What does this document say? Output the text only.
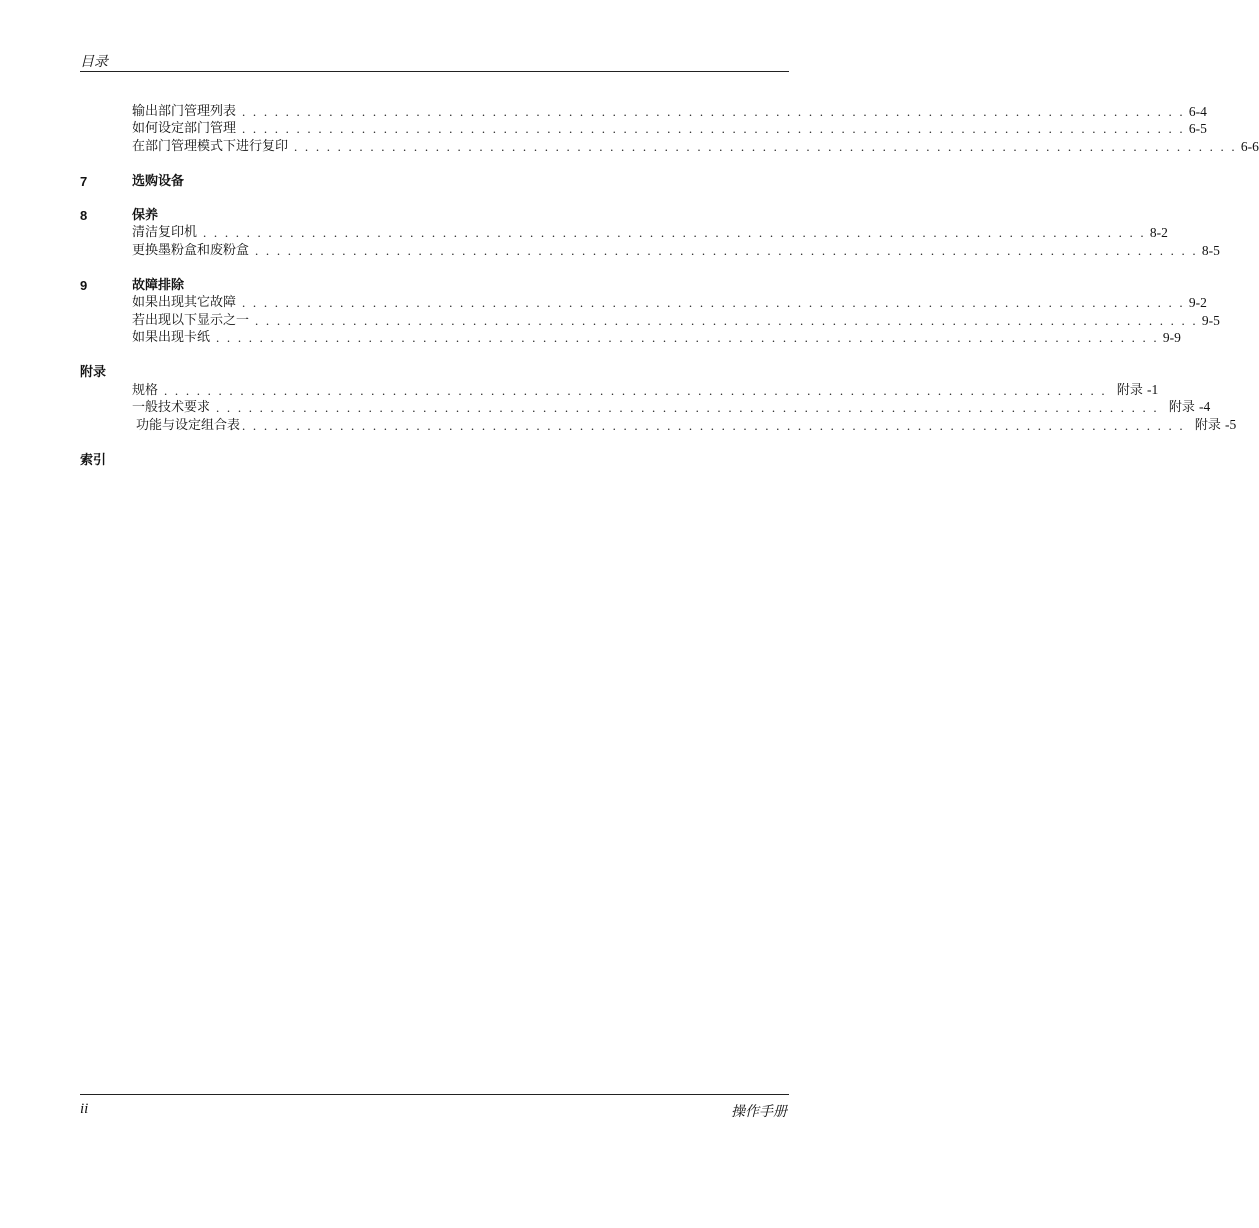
目录
输出部门管理列表 . . . . . . . . . . . . . . . . . . . . . . . . . . . . . . . . . . . . . . . . . . . . . . . . . . . . . . . . . . . . . . . . . . . . . . . . . . . . . . . . . . . . . . . 6-4
如何设定部门管理 . . . . . . . . . . . . . . . . . . . . . . . . . . . . . . . . . . . . . . . . . . . . . . . . . . . . . . . . . . . . . . . . . . . . . . . . . . . . . . . . . . . . . . . 6-5
在部门管理模式下进行复印 . . . . . . . . . . . . . . . . . . . . . . . . . . . . . . . . . . . . . . . . . . . . . . . . . . . . . . . . . . . . . . . . . . . . . . . . . . . . . . . . . . . . . . . 6-6
7	选购设备
8	保养
清洁复印机 . . . . . . . . . . . . . . . . . . . . . . . . . . . . . . . . . . . . . . . . . . . . . . . . . . . . . . . . . . . . . . . . . . . . . . . . . . . . . . . . . . . . . . . 8-2
更换墨粉盒和废粉盒 . . . . . . . . . . . . . . . . . . . . . . . . . . . . . . . . . . . . . . . . . . . . . . . . . . . . . . . . . . . . . . . . . . . . . . . . . . . . . . . . . . . . . . . 8-5
9	故障排除
如果出现其它故障 . . . . . . . . . . . . . . . . . . . . . . . . . . . . . . . . . . . . . . . . . . . . . . . . . . . . . . . . . . . . . . . . . . . . . . . . . . . . . . . . . . . . . . . 9-2
若出现以下显示之一 . . . . . . . . . . . . . . . . . . . . . . . . . . . . . . . . . . . . . . . . . . . . . . . . . . . . . . . . . . . . . . . . . . . . . . . . . . . . . . . . . . . . . . . 9-5
如果出现卡纸 . . . . . . . . . . . . . . . . . . . . . . . . . . . . . . . . . . . . . . . . . . . . . . . . . . . . . . . . . . . . . . . . . . . . . . . . . . . . . . . . . . . . . . . 9-9
附录
规格 . . . . . . . . . . . . . . . . . . . . . . . . . . . . . . . . . . . . . . . . . . . . . . . . . . . . . . . . . . . . . . . . . . . . . . . . . . . . . . . . . . . . . . . 附录 -1
一般技术要求 . . . . . . . . . . . . . . . . . . . . . . . . . . . . . . . . . . . . . . . . . . . . . . . . . . . . . . . . . . . . . . . . . . . . . . . . . . . . . . . . . . . . . . . 附录 -4
功能与设定组合表 . . . . . . . . . . . . . . . . . . . . . . . . . . . . . . . . . . . . . . . . . . . . . . . . . . . . . . . . . . . . . . . . . . . . . . . . . . . . . . . . . . . . . . . 附录 -5
索引
ii	操作手册
